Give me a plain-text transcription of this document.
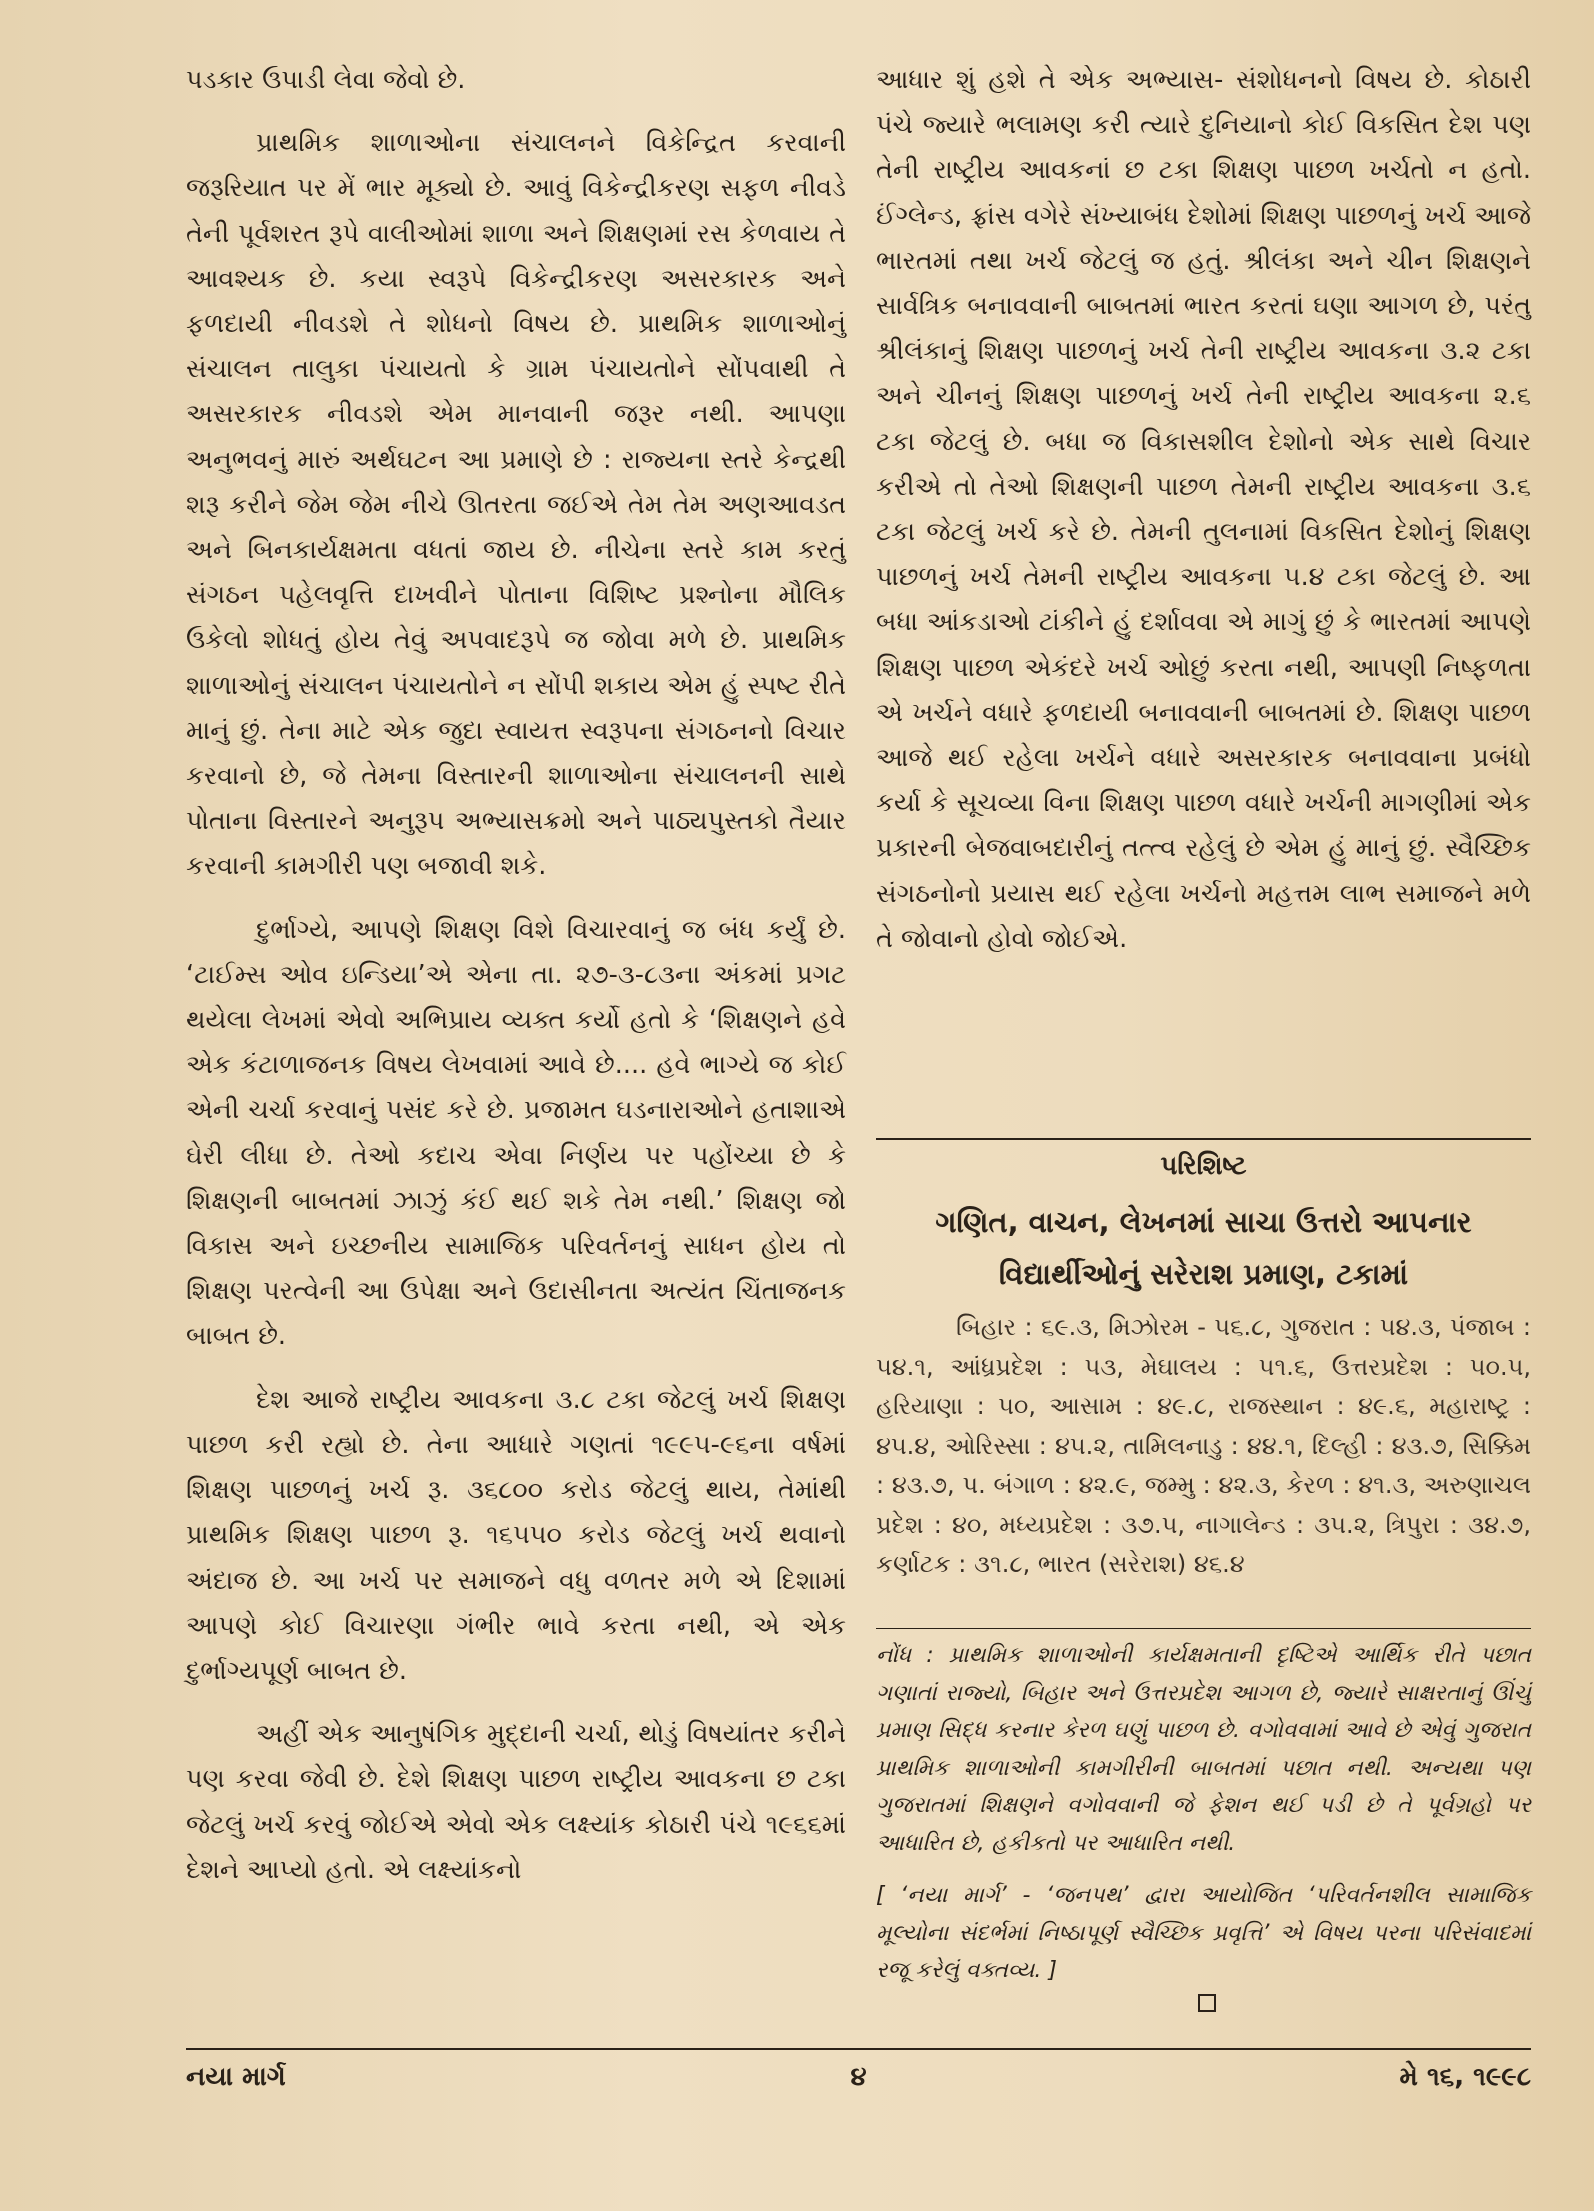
પડકાર ઉપાડી લેવા જેવો છે.

પ્રાથમિક શાળાઓના સંચાલનને વિકેન્દ્રિત કરવાની જરૂરિયાત પર મેં ભાર મૂક્યો છે. આવું વિકેન્દ્રીકરણ સફળ નીવડે તેની પૂર્વશરત રૂપે વાલીઓમાં શાળા અને શિક્ષણમાં રસ કેળવાય તે આવશ્યક છે. કયા સ્વરૂપે વિકેન્દ્રીકરણ અસરકારક અને ફળદાયી નીવડશે તે શોધનો વિષય છે. પ્રાથમિક શાળાઓનું સંચાલન તાલુકા પંચાયતો કે ગ્રામ પંચાયતોને સોંપવાથી તે અસરકારક નીવડશે એમ માનવાની જરૂર નથી. આપણા અનુભવનું મારું અર્થઘટન આ પ્રમાણે છે : રાજ્યના સ્તરે કેન્દ્રથી શરૂ કરીને જેમ જેમ નીચે ઊતરતા જઈએ તેમ તેમ અણઆવડત અને બિનકાર્યક્ષમતા વધતાં જાય છે. નીચેના સ્તરે કામ કરતું સંગઠન પહેલવૃત્તિ દાખવીને પોતાના વિશિષ્ટ પ્રશ્નોના મૌલિક ઉકેલો શોધતું હોય તેવું અપવાદરૂપે જ જોવા મળે છે. પ્રાથમિક શાળાઓનું સંચાલન પંચાયતોને ન સોંપી શકાય એમ હું સ્પષ્ટ રીતે માનું છું. તેના માટે એક જુદા સ્વાયત્ત સ્વરૂપના સંગઠનનો વિચાર કરવાનો છે, જે તેમના વિસ્તારની શાળાઓના સંચાલનની સાથે પોતાના વિસ્તારને અનુરૂપ અભ્યાસક્રમો અને પાઠ્યપુસ્તકો તૈયાર કરવાની કામગીરી પણ બજાવી શકે.

દુર્ભાગ્યે, આપણે શિક્ષણ વિશે વિચારવાનું જ બંધ કર્યું છે. ‘ટાઈમ્સ ઓવ ઇન્ડિયા’એ એના તા. ૨૭-૩-૮૩ના અંકમાં પ્રગટ થયેલા લેખમાં એવો અભિપ્રાય વ્યક્ત કર્યો હતો કે ‘શિક્ષણને હવે એક કંટાળાજનક વિષય લેખવામાં આવે છે.... હવે ભાગ્યે જ કોઈ એની ચર્ચા કરવાનું પસંદ કરે છે. પ્રજામત ઘડનારાઓને હતાશાએ ઘેરી લીધા છે. તેઓ કદાચ એવા નિર્ણય પર પહોંચ્યા છે કે શિક્ષણની બાબતમાં ઝાઝું કંઈ થઈ શકે તેમ નથી.’ શિક્ષણ જો વિકાસ અને ઇચ્છનીય સામાજિક પરિવર્તનનું સાધન હોય તો શિક્ષણ પરત્વેની આ ઉપેક્ષા અને ઉદાસીનતા અત્યંત ચિંતાજનક બાબત છે.

દેશ આજે રાષ્ટ્રીય આવકના ૩.૮ ટકા જેટલું ખર્ચ શિક્ષણ પાછળ કરી રહ્યો છે. તેના આધારે ગણતાં ૧૯૯૫-૯૬ના વર્ષમાં શિક્ષણ પાછળનું ખર્ચ રૂ. ૩૬૮૦૦ કરોડ જેટલું થાય, તેમાંથી પ્રાથમિક શિક્ષણ પાછળ રૂ. ૧૬૫૫૦ કરોડ જેટલું ખર્ચ થવાનો અંદાજ છે. આ ખર્ચ પર સમાજને વધુ વળતર મળે એ દિશામાં આપણે કોઈ વિચારણા ગંભીર ભાવે કરતા નથી, એ એક દુર્ભાગ્યપૂર્ણ બાબત છે.

અહીં એક આનુષંગિક મુદ્દાની ચર્ચા, થોડું વિષયાંતર કરીને પણ કરવા જેવી છે. દેશે શિક્ષણ પાછળ રાષ્ટ્રીય આવકના છ ટકા જેટલું ખર્ચ કરવું જોઈએ એવો એક લક્ષ્યાંક કોઠારી પંચે ૧૯૬૬માં દેશને આપ્યો હતો. એ લક્ષ્યાંકનો

આધાર શું હશે તે એક અભ્યાસ- સંશોધનનો વિષય છે. કોઠારી પંચે જ્યારે ભલામણ કરી ત્યારે દુનિયાનો કોઈ વિકસિત દેશ પણ તેની રાષ્ટ્રીય આવકનાં છ ટકા શિક્ષણ પાછળ ખર્ચતો ન હતો. ઈંગ્લેન્ડ, ફ્રાંસ વગેરે સંખ્યાબંધ દેશોમાં શિક્ષણ પાછળનું ખર્ચ આજે ભારતમાં તથા ખર્ચ જેટલું જ હતું. શ્રીલંકા અને ચીન શિક્ષણને સાર્વત્રિક બનાવવાની બાબતમાં ભારત કરતાં ઘણા આગળ છે, પરંતુ શ્રીલંકાનું શિક્ષણ પાછળનું ખર્ચ તેની રાષ્ટ્રીય આવકના ૩.૨ ટકા અને ચીનનું શિક્ષણ પાછળનું ખર્ચ તેની રાષ્ટ્રીય આવકના ૨.૬ ટકા જેટલું છે. બધા જ વિકાસશીલ દેશોનો એક સાથે વિચાર કરીએ તો તેઓ શિક્ષણની પાછળ તેમની રાષ્ટ્રીય આવકના ૩.૬ ટકા જેટલું ખર્ચ કરે છે. તેમની તુલનામાં વિકસિત દેશોનું શિક્ષણ પાછળનું ખર્ચ તેમની રાષ્ટ્રીય આવકના ૫.૪ ટકા જેટલું છે. આ બધા આંકડાઓ ટાંકીને હું દર્શાવવા એ માગું છું કે ભારતમાં આપણે શિક્ષણ પાછળ એકંદરે ખર્ચ ઓછું કરતા નથી, આપણી નિષ્ફળતા એ ખર્ચને વધારે ફળદાયી બનાવવાની બાબતમાં છે. શિક્ષણ પાછળ આજે થઈ રહેલા ખર્ચને વધારે અસરકારક બનાવવાના પ્રબંધો કર્યા કે સૂચવ્યા વિના શિક્ષણ પાછળ વધારે ખર્ચની માગણીમાં એક પ્રકારની બેજવાબદારીનું તત્ત્વ રહેલું છે એમ હું માનું છું. સ્વૈચ્છિક સંગઠનોનો પ્રયાસ થઈ રહેલા ખર્ચનો મહત્તમ લાભ સમાજને મળે તે જોવાનો હોવો જોઈએ.

પરિશિષ્ટ
ગણિત, વાચન, લેખનમાં સાચા ઉત્તરો આપનાર
વિદ્યાર્થીઓનું સરેરાશ પ્રમાણ, ટકામાં
બિહાર : ૬૯.૩, મિઝોરમ - ૫૬.૮, ગુજરાત : ૫૪.૩, પંજાબ : ૫૪.૧, આંધ્રપ્રદેશ : ૫૩, મેઘાલય : ૫૧.૬, ઉત્તરપ્રદેશ : ૫૦.૫, હરિયાણા : ૫૦, આસામ : ૪૯.૮, રાજસ્થાન : ૪૯.૬, મહારાષ્ટ્ર : ૪૫.૪, ઓરિસ્સા : ૪૫.૨, તામિલનાડુ : ૪૪.૧, દિલ્હી : ૪૩.૭, સિક્કિમ : ૪૩.૭, પ. બંગાળ : ૪૨.૯, જમ્મુ : ૪૨.૩, કેરળ : ૪૧.૩, અરુણાચલ પ્રદેશ : ૪૦, મધ્યપ્રદેશ : ૩૭.૫, નાગાલેન્ડ : ૩૫.૨, ત્રિપુરા : ૩૪.૭, કર્ણાટક : ૩૧.૮, ભારત (સરેરાશ) ૪૬.૪
નોંધ : પ્રાથમિક શાળાઓની કાર્યક્ષમતાની દૃષ્ટિએ આર્થિક રીતે પછાત ગણાતાં રાજ્યો, બિહાર અને ઉત્તરપ્રદેશ આગળ છે, જ્યારે સાક્ષરતાનું ઊંચું પ્રમાણ સિદ્ધ કરનાર કેરળ ઘણું પાછળ છે. વગોવવામાં આવે છે એવું ગુજરાત પ્રાથમિક શાળાઓની કામગીરીની બાબતમાં પછાત નથી. અન્યથા પણ ગુજરાતમાં શિક્ષણને વગોવવાની જે ફેશન થઈ પડી છે તે પૂર્વગ્રહો પર આધારિત છે, હકીકતો પર આધારિત નથી.
[ ‘નયા માર્ગ’ - ‘જનપથ’ દ્વારા આયોજિત ‘પરિવર્તનશીલ સામાજિક મૂલ્યોના સંદર્ભમાં નિષ્ઠાપૂર્ણ સ્વૈચ્છિક પ્રવૃત્તિ’ એ વિષય પરના પરિસંવાદમાં રજૂ કરેલું વક્તવ્ય. ]
નયા માર્ગ	૪	મે ૧૬, ૧૯૯૮
